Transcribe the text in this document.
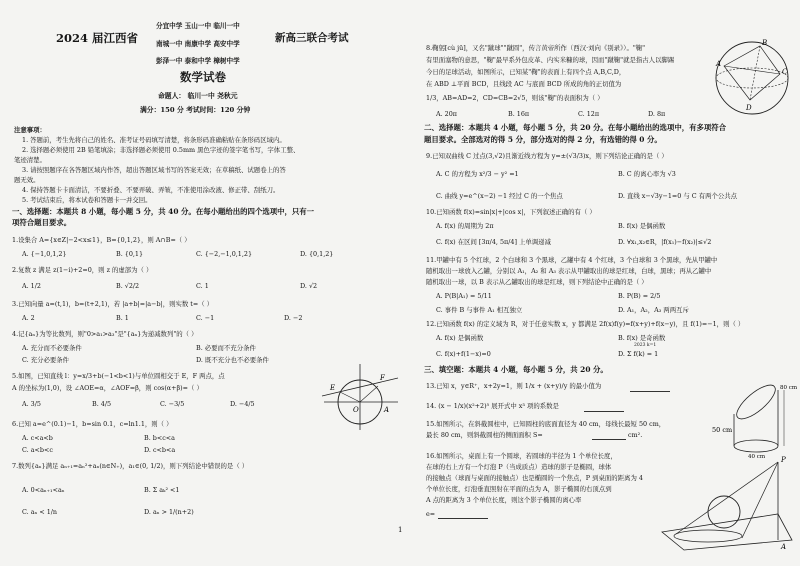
分宜中学 玉山一中 临川一中
2024 届江西省	南城一中 南康中学 高安中学	新高三联合考试
彭泽一中 泰和中学 樟树中学
数学试卷
命题人： 临川一中 尧秋元
满分：150 分 考试时间：120 分钟
注意事项：
1. 答题前，考生先将自己的姓名、准考证号码填写清楚，将条形码准确粘贴在条形码区域内。
2. 选择题必须使用 2B 铅笔填涂；非选择题必须使用 0.5mm 黑色字迹的签字笔书写，字体工整、
笔迹清楚。
3. 请按照题序在各答题区域内作答，超出答题区域书写的答案无效；在草稿纸、试题卷上的答
题无效。
4. 保持答题卡卡面清洁，不要折叠、不要弄破、弄皱，不准使用涂改液、修正带、刮纸刀。
5. 考试结束后，将本试卷和答题卡一并交回。
一、选择题：本题共 8 小题，每小题 5 分，共 40 分。在每小题给出的四个选项中，只有一
项符合题目要求。
1.设集合 A={x∈Z|−2<x≤1}，B={0,1,2}，则 A∩B=（ ）
A. {−1,0,1,2}	B. {0,1}	C. {−2,−1,0,1,2}	D. {0,1,2}
2.复数 z 满足 z(1−i)+2=0，则 z 的虚部为（ ）
A. 1/2	B. √2/2	C. 1	D. √2
3.已知向量 a=(t,1)，b=(t+2,1)，若 |a+b|=|a−b|，则实数 t=（ ）
A. 2	B. 1	C. −1	D. −2
4.记{aₙ}为等比数列，则"0>a₁>a₃"是"{aₙ}为递减数列"的（ ）
A. 充分而不必要条件	B. 必要而不充分条件
C. 充分必要条件	D. 既不充分也不必要条件
5.如图，已知直线 l：y=x/3+b(−1<b<1)与单位圆相交于 E，F 两点，点
A 的坐标为(1,0)，设 ∠AOE=α，∠AOF=β，则 cos(α+β)=（ ）
A. 3/5	B. 4/5	C. −3/5	D. −4/5
E
F
O	A
6.已知 a=e^(0.1)−1，b=sin 0.1，c=ln1.1，则（ ）
A. c<a<b	B. b<c<a
C. a<b<c	D. c<b<a
7.数列{aₙ}满足 aₙ₊₁=aₙ²+aₙ(n∈N₊)，a₁∈(0, 1/2)，则下列结论中错误的是（ ）
A. 0<aₙ₊₁<aₙ	B. Σ aₖ² <1
C. aₙ < 1/n	D. aₙ > 1/(n+2)
1
8.鞠躬[cù jū]，又名"蹴球""蹴圆"，传言黄帝所作（西汉·刘向《别录》）。"鞠"
有里面塞物的意思，"鞠"最早系外包皮革、内实米糠的球，因而"蹴鞠"就是指古人以脚踢
今日的足球活动，如图所示，已知某"鞠"的表面上有四个点 A,B,C,D，
在 ABD ⊥平面 BCD，且线段 AC 与底面 BCD 所成的角的正切值为
1/3，AB=AD=2，CD=CB=2√5，则该"鞠"的表面积为（ ）
A. 20π	B. 16π	C. 12π	D. 8π
A
B
C
D
二、选择题：本题共 4 小题，每小题 5 分，共 20 分。在每小题给出的选项中，有多项符合
题目要求。全部选对的得 5 分，部分选对的得 2 分，有选错的得 0 分。
9.已知双曲线 C 过点(3,√2)且渐近线方程为 y=±(√3/3)x，则下列结论正确的是（ ）
A. C 的方程为 x²/3 − y² =1	B. C 的离心率为 √3
C. 曲线 y=e^(x−2) −1 经过 C 的一个焦点	D. 直线 x−√3y−1=0 与 C 有两个公共点
10.已知函数 f(x)=sin|x|+|cos x|，下列叙述正确的有（ ）
A. f(x) 的周期为 2π	B. f(x) 是偶函数
C. f(x) 在区间 [3π/4, 5π/4] 上单调递减	D. ∀x₁,x₂∈R，|f(x₁)−f(x₂)|≤√2
11.甲罐中有 5 个红球，2 个白球和 3 个黑球，乙罐中有 4 个红球，3 个白球和 3 个黑球，先从甲罐中
随机取出一球放入乙罐，分别以 A₁，A₂ 和 A₃ 表示从甲罐取出的球是红球，白球，黑球；再从乙罐中
随机取出一球，以 B 表示从乙罐取出的球是红球，则下列结论中正确的是（ ）
A. P(B|A₁) = 5/11	B. P(B) = 2/5
C. 事件 B 与事件 A₁ 相互独立	D. A₁，A₂，A₃ 两两互斥
12.已知函数 f(x) 的定义域为 R，对于任意实数 x，y 都满足 2f(x)f(y)=f(x+y)+f(x−y)，且 f(1)=−1，则（ ）
A. f(x) 是偶函数	B. f(x) 是奇函数
C. f(x)+f(1−x)=0	D. Σ f(k) = 1
2023 k=1
三、填空题：本题共 4 小题，每小题 5 分，共 20 分。
13.已知 x，y∈R⁺，x+2y=1，则 1/x + (x+y)/y 的最小值为
14. (x − 1/x)(x²+2)⁵ 展开式中 x³ 项的系数是
15.如图所示，在斜截圆柱中，已知圆柱的底面直径为 40 cm，母线长最短 50 cm，
最长 80 cm，则斜截圆柱的侧面面积 S=	cm².
50 cm
80 cm
40 cm
16.如图所示，桌面上有一个圆球，若圆球的半径为 1 个单位长度，
在球的右上方有一个灯泡 P（当成质点）造球的影子是椭圆，球体
的接触点（球面与桌面的接触点）也是椭圆的一个焦点，P 到桌面的距离为 4
个单位长度，灯泡垂直照射在平面的点为 A，影子椭圆的右顶点到
A 点的距离为 3 个单位长度，则这个影子椭圆的离心率
e=
P
A
